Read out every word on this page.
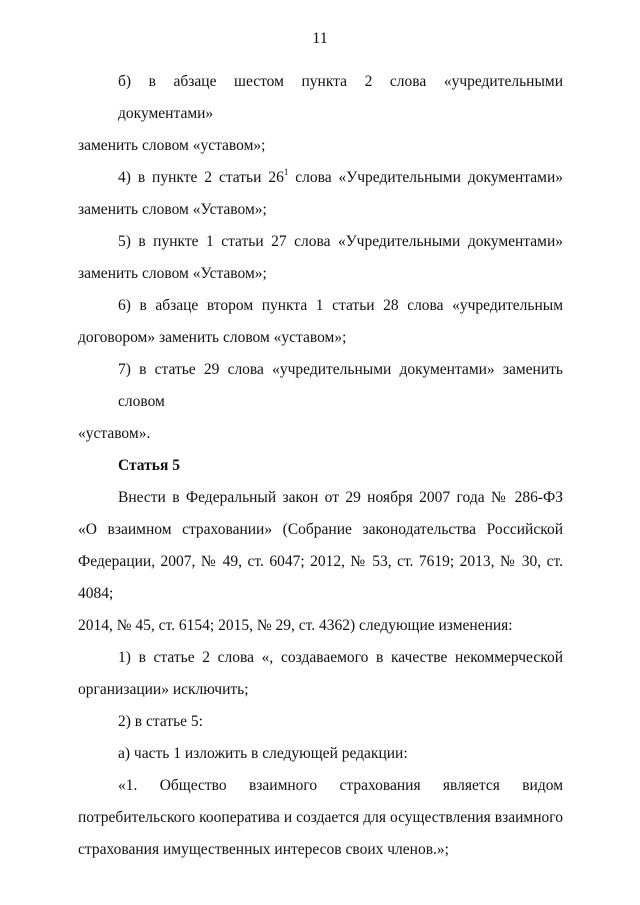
11
б) в абзаце шестом пункта 2 слова «учредительными документами»
заменить словом «уставом»;
4) в пункте 2 статьи $26^1$ слова «Учредительными документами»
заменить словом «Уставом»;
5) в пункте 1 статьи 27 слова «Учредительными документами»
заменить словом «Уставом»;
6) в абзаце втором пункта 1 статьи 28 слова «учредительным
договором» заменить словом «уставом»;
7) в статье 29 слова «учредительными документами» заменить словом
«уставом».
Статья 5
Внести в Федеральный закон от 29 ноября 2007 года № 286-ФЗ
«О взаимном страховании» (Собрание законодательства Российской
Федерации, 2007, № 49, ст. 6047; 2012, № 53, ст. 7619; 2013, № 30, ст. 4084;
2014, № 45, ст. 6154; 2015, № 29, ст. 4362) следующие изменения:
1) в статье 2 слова «, создаваемого в качестве некоммерческой
организации» исключить;
2) в статье 5:
а) часть 1 изложить в следующей редакции:
«1. Общество взаимного страхования является видом
потребительского кооператива и создается для осуществления взаимного
страхования имущественных интересов своих членов.»;
